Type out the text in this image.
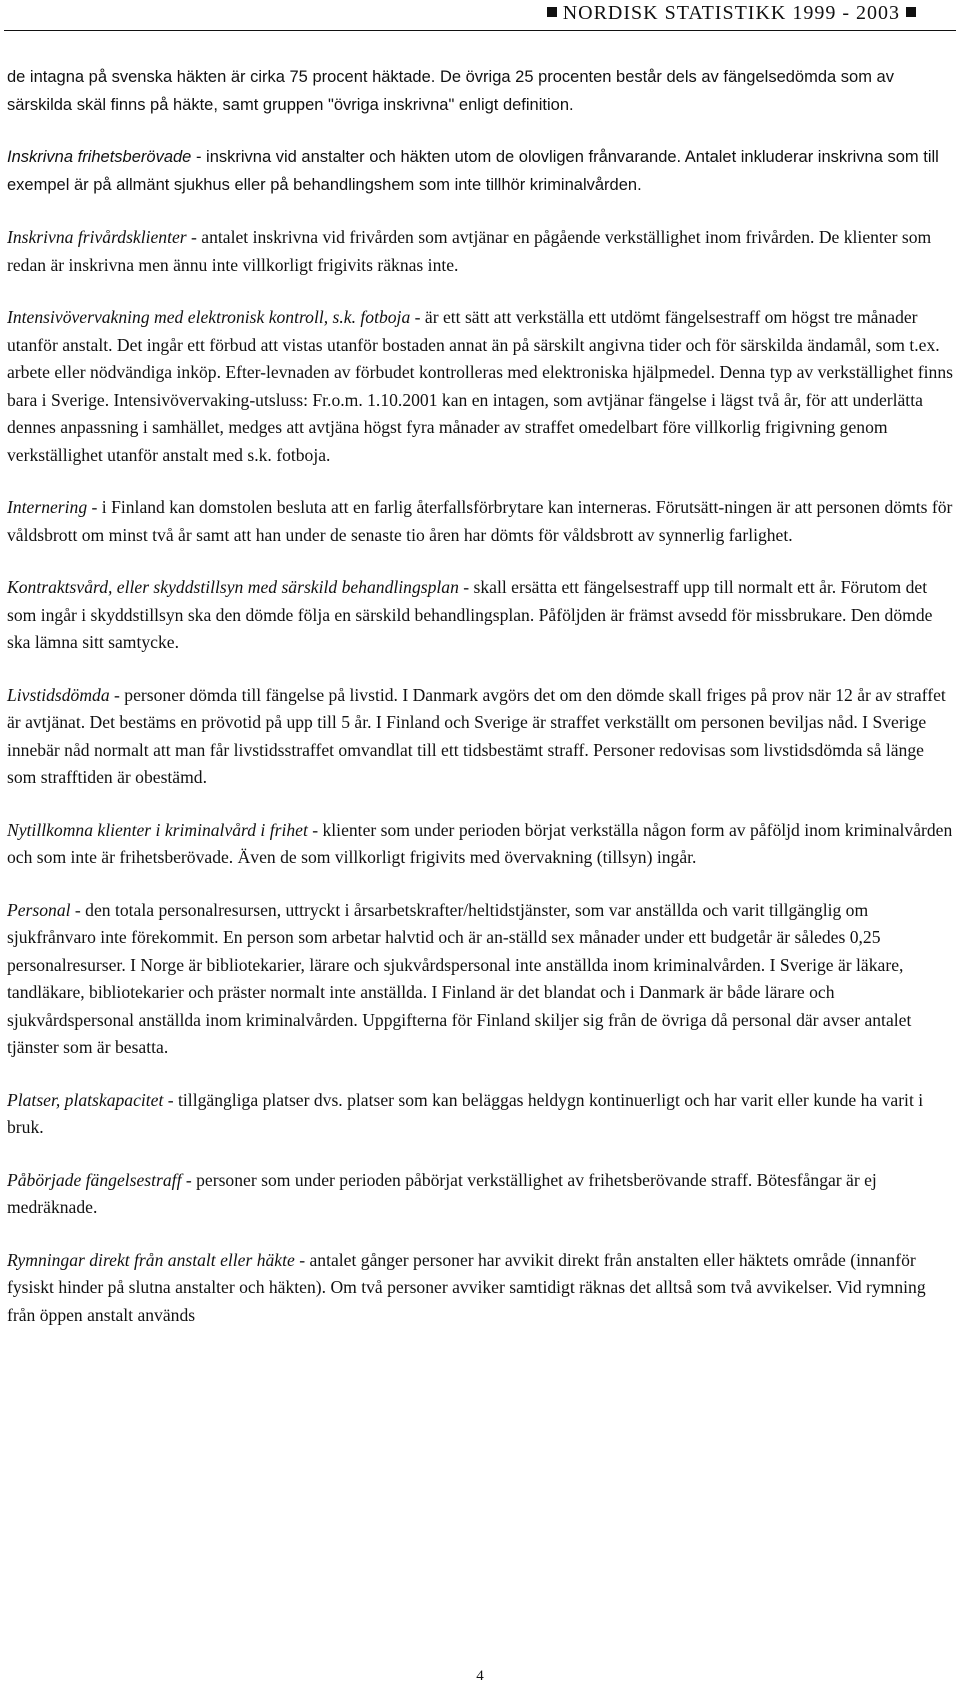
NORDISK STATISTIKK 1999 - 2003

de intagna på svenska häkten är cirka 75 procent häktade. De övriga 25 procenten består dels av fängelsedömda som av särskilda skäl finns på häkte, samt gruppen "övriga inskrivna" enligt definition.

Inskrivna frihetsberövade - inskrivna vid anstalter och häkten utom de olovligen frånvarande. Antalet inkluderar inskrivna som till exempel är på allmänt sjukhus eller på behandlingshem som inte tillhör kriminalvården.

Inskrivna frivårdsklienter - antalet inskrivna vid frivården som avtjänar en pågående verkställighet inom frivården. De klienter som redan är inskrivna men ännu inte villkorligt frigivits räknas inte.

Intensivövervakning med elektronisk kontroll, s.k. fotboja - är ett sätt att verkställa ett utdömt fängelsestraff om högst tre månader utanför anstalt. Det ingår ett förbud att vistas utanför bostaden annat än på särskilt angivna tider och för särskilda ändamål, som t.ex. arbete eller nödvändiga inköp. Efter-levnaden av förbudet kontrolleras med elektroniska hjälpmedel. Denna typ av verkställighet finns bara i Sverige. Intensivövervaking-utsluss: Fr.o.m. 1.10.2001 kan en intagen, som avtjänar fängelse i lägst två år, för att underlätta dennes anpassning i samhället, medges att avtjäna högst fyra månader av straffet omedelbart före villkorlig frigivning genom verkställighet utanför anstalt med s.k. fotboja.

Internering - i Finland kan domstolen besluta att en farlig återfallsförbrytare kan interneras. Förutsätt-ningen är att personen dömts för våldsbrott om minst två år samt att han under de senaste tio åren har dömts för våldsbrott av synnerlig farlighet.

Kontraktsvård, eller skyddstillsyn med särskild behandlingsplan - skall ersätta ett fängelsestraff upp till normalt ett år. Förutom det som ingår i skyddstillsyn ska den dömde följa en särskild behandlingsplan. Påföljden är främst avsedd för missbrukare. Den dömde ska lämna sitt samtycke.

Livstidsdömda - personer dömda till fängelse på livstid. I Danmark avgörs det om den dömde skall friges på prov när 12 år av straffet är avtjänat. Det bestäms en prövotid på upp till 5 år. I Finland och Sverige är straffet verkställt om personen beviljas nåd. I Sverige innebär nåd normalt att man får livstidsstraffet omvandlat till ett tidsbestämt straff. Personer redovisas som livstidsdömda så länge som strafftiden är obestämd.

Nytillkomna klienter i kriminalvård i frihet - klienter som under perioden börjat verkställa någon form av påföljd inom kriminalvården och som inte är frihetsberövade. Även de som villkorligt frigivits med övervakning (tillsyn) ingår.

Personal - den totala personalresursen, uttryckt i årsarbetskrafter/heltidstjänster, som var anställda och varit tillgänglig om sjukfrånvaro inte förekommit. En person som arbetar halvtid och är an-ställd sex månader under ett budgetår är således 0,25 personalresurser. I Norge är bibliotekarier, lärare och sjukvårdspersonal inte anställda inom kriminalvården. I Sverige är läkare, tandläkare, bibliotekarier och präster normalt inte anställda. I Finland är det blandat och i Danmark är både lärare och sjukvårdspersonal anställda inom kriminalvården. Uppgifterna för Finland skiljer sig från de övriga då personal där avser antalet tjänster som är besatta.

Platser, platskapacitet - tillgängliga platser dvs. platser som kan beläggas heldygn kontinuerligt och har varit eller kunde ha varit i bruk.

Påbörjade fängelsestraff - personer som under perioden påbörjat verkställighet av frihetsberövande straff. Bötesfångar är ej medräknade.

Rymningar direkt från anstalt eller häkte - antalet gånger personer har avvikit direkt från anstalten eller häktets område (innanför fysiskt hinder på slutna anstalter och häkten). Om två personer avviker samtidigt räknas det alltså som två avvikelser. Vid rymning från öppen anstalt används

4
